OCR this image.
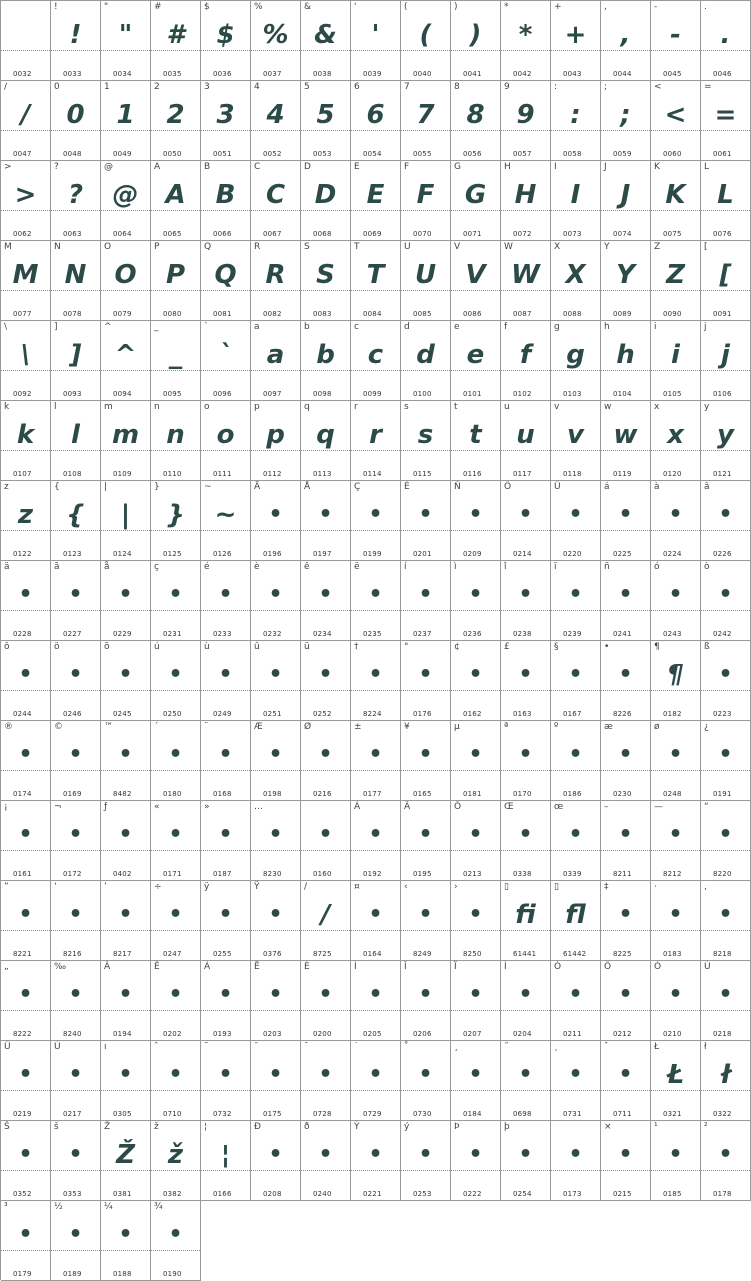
0032
!
!
0033
"
"
0034
#
#
0035
$
$
0036
%
%
0037
&
&
0038
'
'
0039
(
(
0040
)
)
0041
*
*
0042
+
+
0043
,
,
0044
-
-
0045
.
.
0046
/
/
0047
0
0
0048
1
1
0049
2
2
0050
3
3
0051
4
4
0052
5
5
0053
6
6
0054
7
7
0055
8
8
0056
9
9
0057
:
:
0058
;
;
0059
<
<
0060
=
=
0061
>
>
0062
?
?
0063
@
@
0064
A
A
0065
B
B
0066
C
C
0067
D
D
0068
E
E
0069
F
F
0070
G
G
0071
H
H
0072
I
I
0073
J
J
0074
K
K
0075
L
L
0076
M
M
0077
N
N
0078
O
O
0079
P
P
0080
Q
Q
0081
R
R
0082
S
S
0083
T
T
0084
U
U
0085
V
V
0086
W
W
0087
X
X
0088
Y
Y
0089
Z
Z
0090
[
[
0091
\
\
0092
]
]
0093
^
^
0094
_
_
0095
`
`
0096
a
a
0097
b
b
0098
c
c
0099
d
d
0100
e
e
0101
f
f
0102
g
g
0103
h
h
0104
i
i
0105
j
j
0106
k
k
0107
l
l
0108
m
m
0109
n
n
0110
o
o
0111
p
p
0112
q
q
0113
r
r
0114
s
s
0115
t
t
0116
u
u
0117
v
v
0118
w
w
0119
x
x
0120
y
y
0121
z
z
0122
{
{
0123
|
|
0124
}
}
0125
~
~
0126
Ä
•
0196
Å
•
0197
Ç
•
0199
É
•
0201
Ñ
•
0209
Ö
•
0214
Ü
•
0220
á
•
0225
à
•
0224
â
•
0226
ä
•
0228
ã
•
0227
å
•
0229
ç
•
0231
é
•
0233
è
•
0232
ê
•
0234
ë
•
0235
í
•
0237
ì
•
0236
î
•
0238
ï
•
0239
ñ
•
0241
ó
•
0243
ò
•
0242
ô
•
0244
ö
•
0246
õ
•
0245
ú
•
0250
ù
•
0249
û
•
0251
ü
•
0252
†
•
8224
°
•
0176
¢
•
0162
£
•
0163
§
•
0167
•
•
8226
¶
¶
0182
ß
•
0223
®
•
0174
©
•
0169
™
•
8482
´
•
0180
¨
•
0168
Æ
•
0198
Ø
•
0216
±
•
0177
¥
•
0165
µ
•
0181
ª
•
0170
º
•
0186
æ
•
0230
ø
•
0248
¿
•
0191
¡
•
0161
¬
•
0172
ƒ
•
0402
«
•
0171
»
•
0187
…
•
8230
•
0160
À
•
0192
Ã
•
0195
Õ
•
0213
Œ
•
0338
œ
•
0339
–
•
8211
—
•
8212
“
•
8220
”
•
8221
‘
•
8216
’
•
8217
÷
•
0247
ÿ
•
0255
Ÿ
•
0376
/
/
8725
¤
•
0164
‹
•
8249
›
•
8250
▯
fi
61441
▯
fl
61442
‡
•
8225
·
•
0183
‚
•
8218
„
•
8222
‰
•
8240
Â
•
0194
Ê
•
0202
Á
•
0193
Ë
•
0203
È
•
0200
Í
•
0205
Î
•
0206
Ï
•
0207
Ì
•
0204
Ó
•
0211
Ô
•
0212
Ò
•
0210
Ú
•
0218
Û
•
0219
Ù
•
0217
ı
•
0305
ˆ
•
0710
˜
•
0732
¯
•
0175
˘
•
0728
˙
•
0729
˚
•
0730
¸
•
0184
˝
•
0698
˛
•
0731
ˇ
•
0711
Ł
Ł
0321
ł
ł
0322
Š
•
0352
š
•
0353
Ž
Ž
0381
ž
ž
0382
¦
¦
0166
Ð
•
0208
ð
•
0240
Ý
•
0221
ý
•
0253
Þ
•
0222
þ
•
0254
•
0173
×
•
0215
¹
•
0185
²
•
0178
³
•
0179
½
•
0189
¼
•
0188
¾
•
0190
